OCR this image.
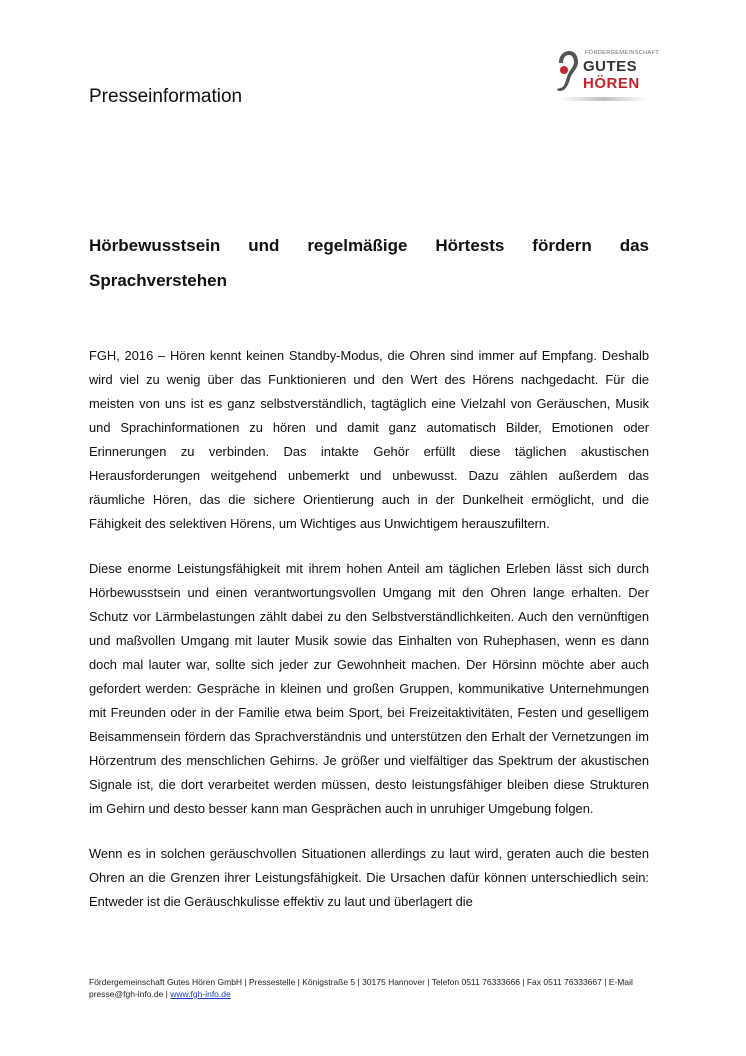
Presseinformation
FÖRDERGEMEINSCHAFT
GUTES
HÖREN
Hörbewusstsein und regelmäßige Hörtests fördern das Sprachverstehen

FGH, 2016 – Hören kennt keinen Standby-Modus, die Ohren sind immer auf Empfang. Deshalb wird viel zu wenig über das Funktionieren und den Wert des Hörens nachgedacht. Für die meisten von uns ist es ganz selbstverständlich, tagtäglich eine Vielzahl von Geräuschen, Musik und Sprachinformationen zu hören und damit ganz automatisch Bilder, Emotionen oder Erinnerungen zu verbinden. Das intakte Gehör erfüllt diese täglichen akustischen Herausforderungen weitgehend unbemerkt und unbewusst. Dazu zählen außerdem das räumliche Hören, das die sichere Orientierung auch in der Dunkelheit ermöglicht, und die Fähigkeit des selektiven Hörens, um Wichtiges aus Unwichtigem herauszufiltern.

Diese enorme Leistungsfähigkeit mit ihrem hohen Anteil am täglichen Erleben lässt sich durch Hörbewusstsein und einen verantwortungsvollen Umgang mit den Ohren lange erhalten. Der Schutz vor Lärmbelastungen zählt dabei zu den Selbstverständlichkeiten. Auch den vernünftigen und maßvollen Umgang mit lauter Musik sowie das Einhalten von Ruhephasen, wenn es dann doch mal lauter war, sollte sich jeder zur Gewohnheit machen. Der Hörsinn möchte aber auch gefordert werden: Gespräche in kleinen und großen Gruppen, kommunikative Unternehmungen mit Freunden oder in der Familie etwa beim Sport, bei Freizeitaktivitäten, Festen und geselligem Beisammensein fördern das Sprachverständnis und unterstützen den Erhalt der Vernetzungen im Hörzentrum des menschlichen Gehirns. Je größer und vielfältiger das Spektrum der akustischen Signale ist, die dort verarbeitet werden müssen, desto leistungsfähiger bleiben diese Strukturen im Gehirn und desto besser kann man Gesprächen auch in unruhiger Umgebung folgen.

Wenn es in solchen geräuschvollen Situationen allerdings zu laut wird, geraten auch die besten Ohren an die Grenzen ihrer Leistungsfähigkeit. Die Ursachen dafür können unterschiedlich sein: Entweder ist die Geräuschkulisse effektiv zu laut und überlagert die

Fördergemeinschaft Gutes Hören GmbH | Pressestelle | Königstraße 5 | 30175 Hannover | Telefon 0511 76333666 | Fax 0511 76333667 | E-Mail presse@fgh-info.de | www.fgh-info.de
